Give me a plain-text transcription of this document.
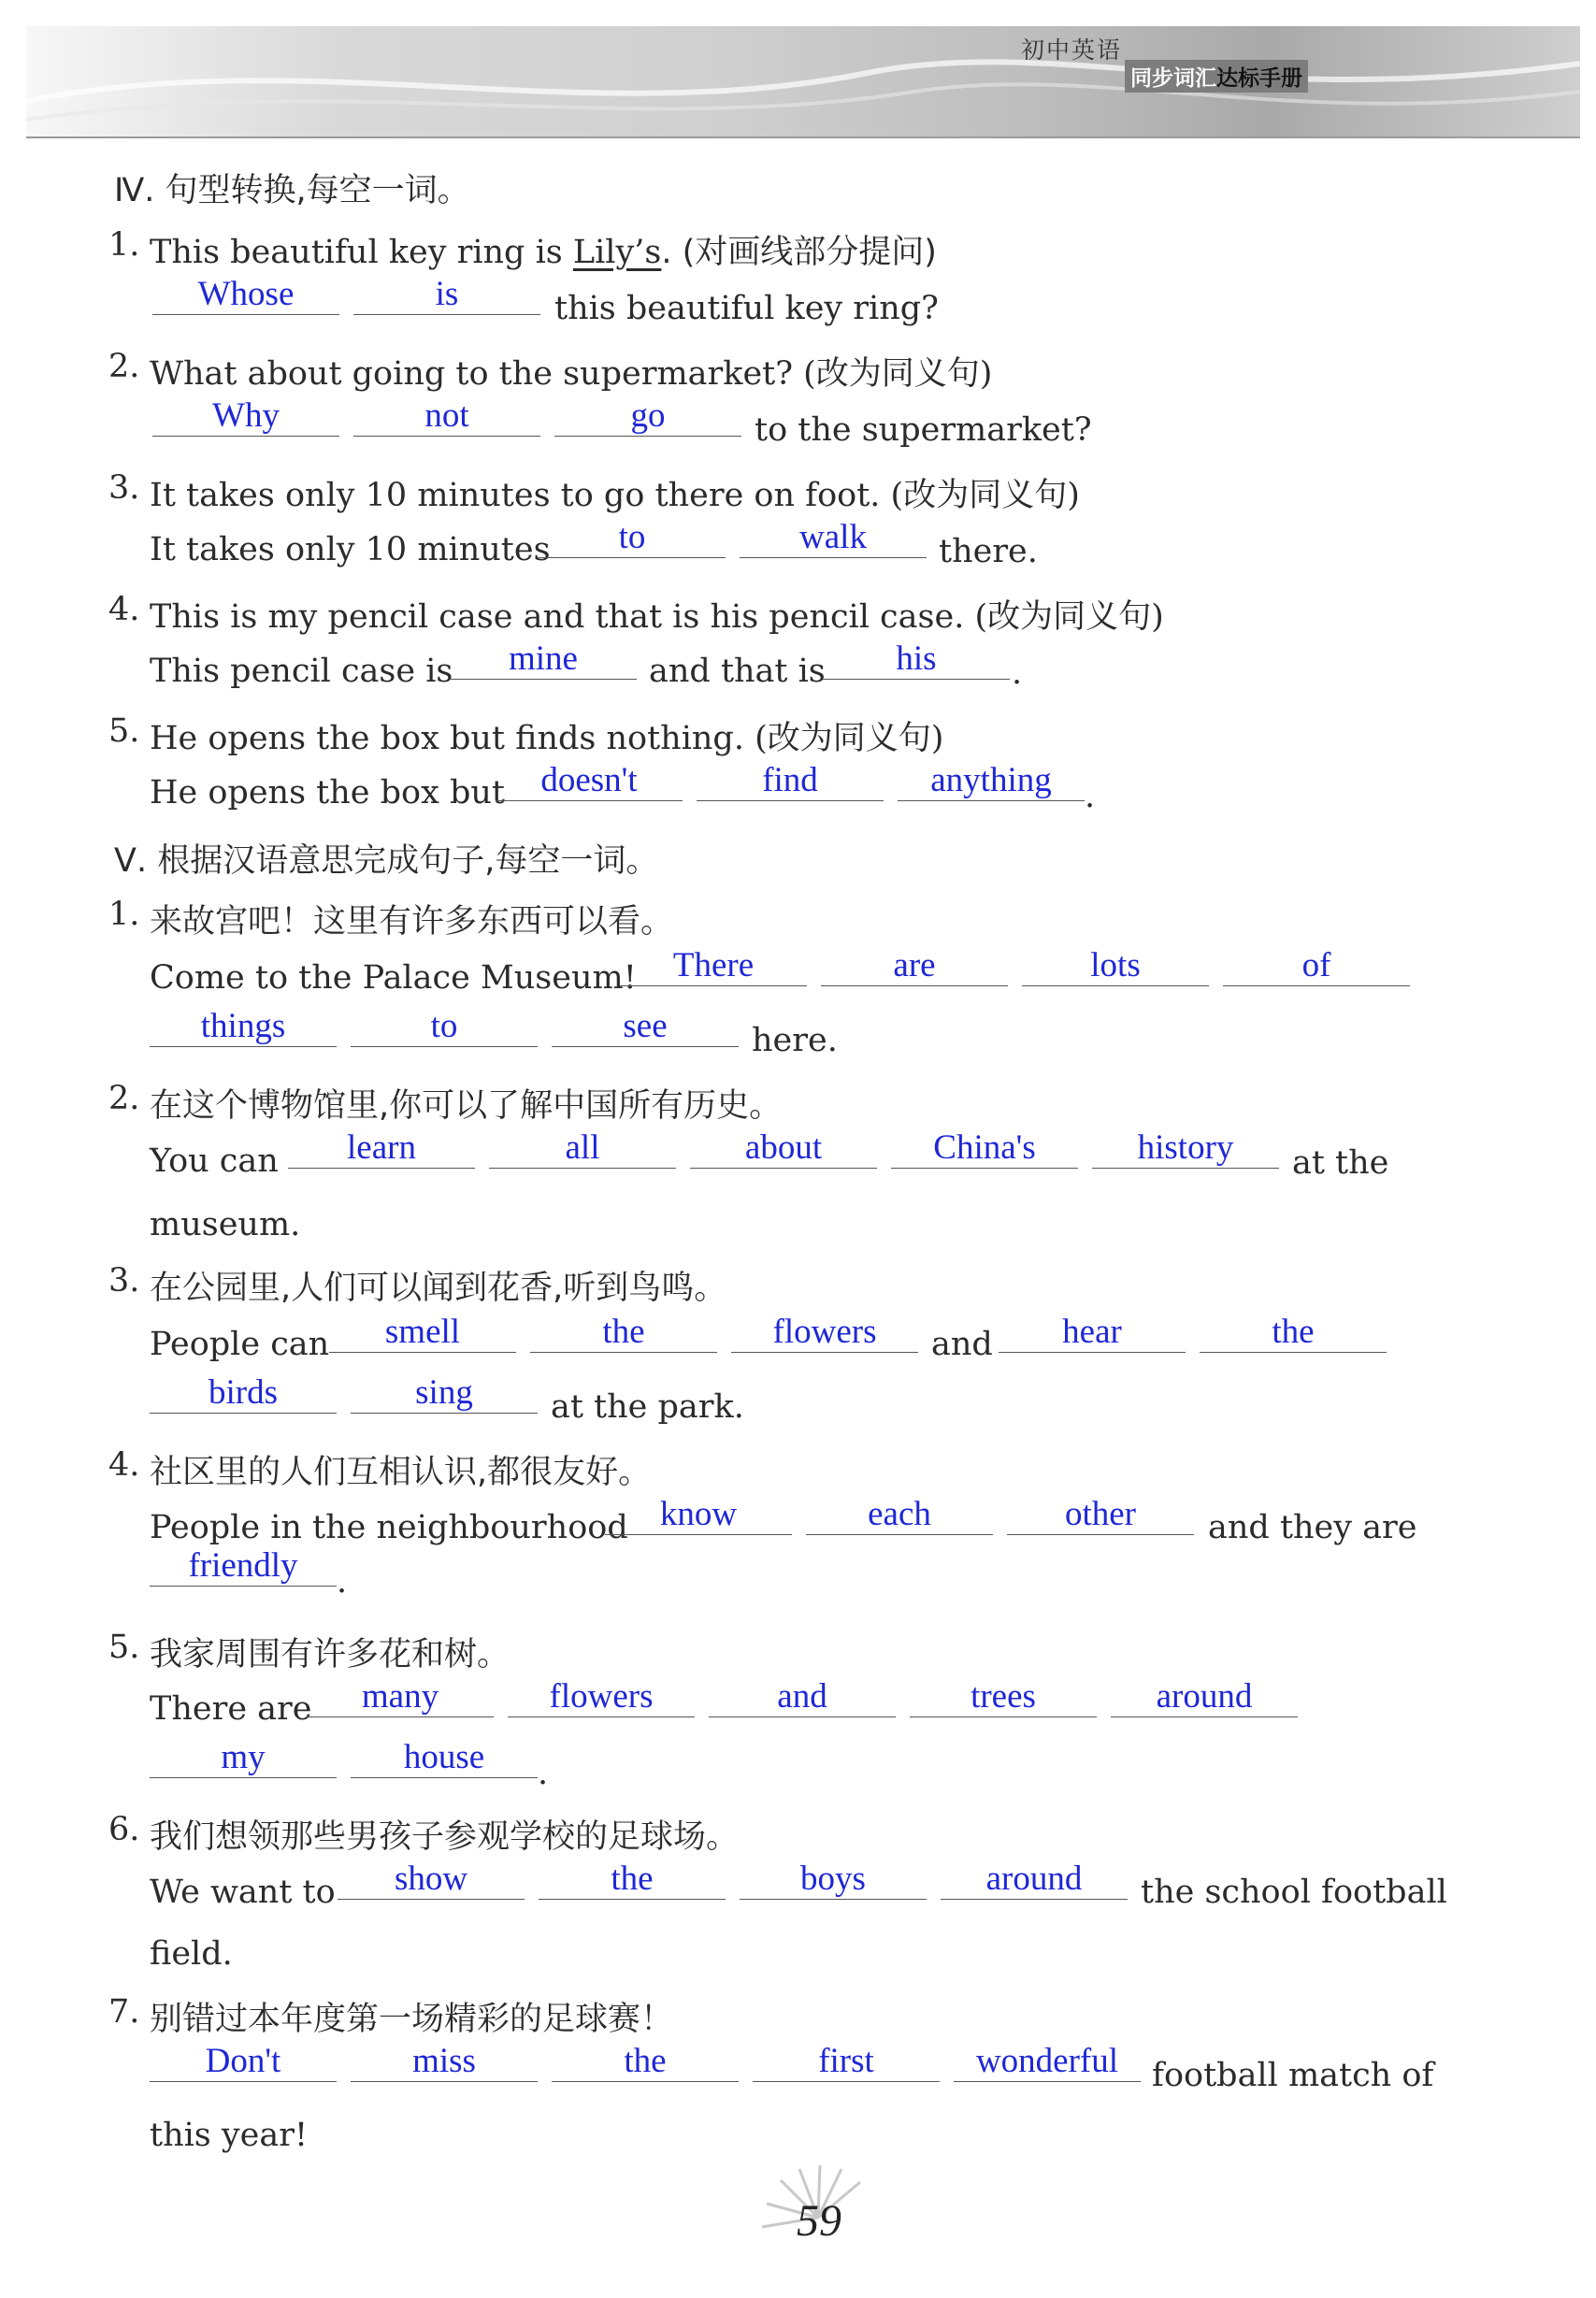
初中英语
同步词汇达标手册
Ⅳ. 句型转换,每空一词。
1. This beautiful key ring is Lily’s. (对画线部分提问)
Whose	is	this beautiful key ring?
2. What about going to the supermarket? (改为同义句)
Why	not	go	to the supermarket?
3. It takes only 10 minutes to go there on foot. (改为同义句)
It takes only 10 minutes	to	walk	there.
4. This is my pencil case and that is his pencil case. (改为同义句)
This pencil case is	mine	and that is	his	.
5. He opens the box but finds nothing. (改为同义句)
He opens the box but	doesn't	find	anything	.
Ⅴ. 根据汉语意思完成句子,每空一词。
1. 来故宫吧！这里有许多东西可以看。
Come to the Palace Museum!	There	are	lots	of
things	to	see	here.
2. 在这个博物馆里,你可以了解中国所有历史。
You can	learn	all	about	China's	history	at the
museum.
3. 在公园里,人们可以闻到花香,听到鸟鸣。
People can	smell	the	flowers	and	hear	the
birds	sing	at the park.
4. 社区里的人们互相认识,都很友好。
People in the neighbourhood know	each	other	and they are
friendly	.
5. 我家周围有许多花和树。
There are	many	flowers	and	trees	around
my	house	.
6. 我们想领那些男孩子参观学校的足球场。
We want to	show	the	boys	around	the school football
field.
7. 别错过本年度第一场精彩的足球赛！
Don't	miss	the	first	wonderful	football match of
this year!
59
